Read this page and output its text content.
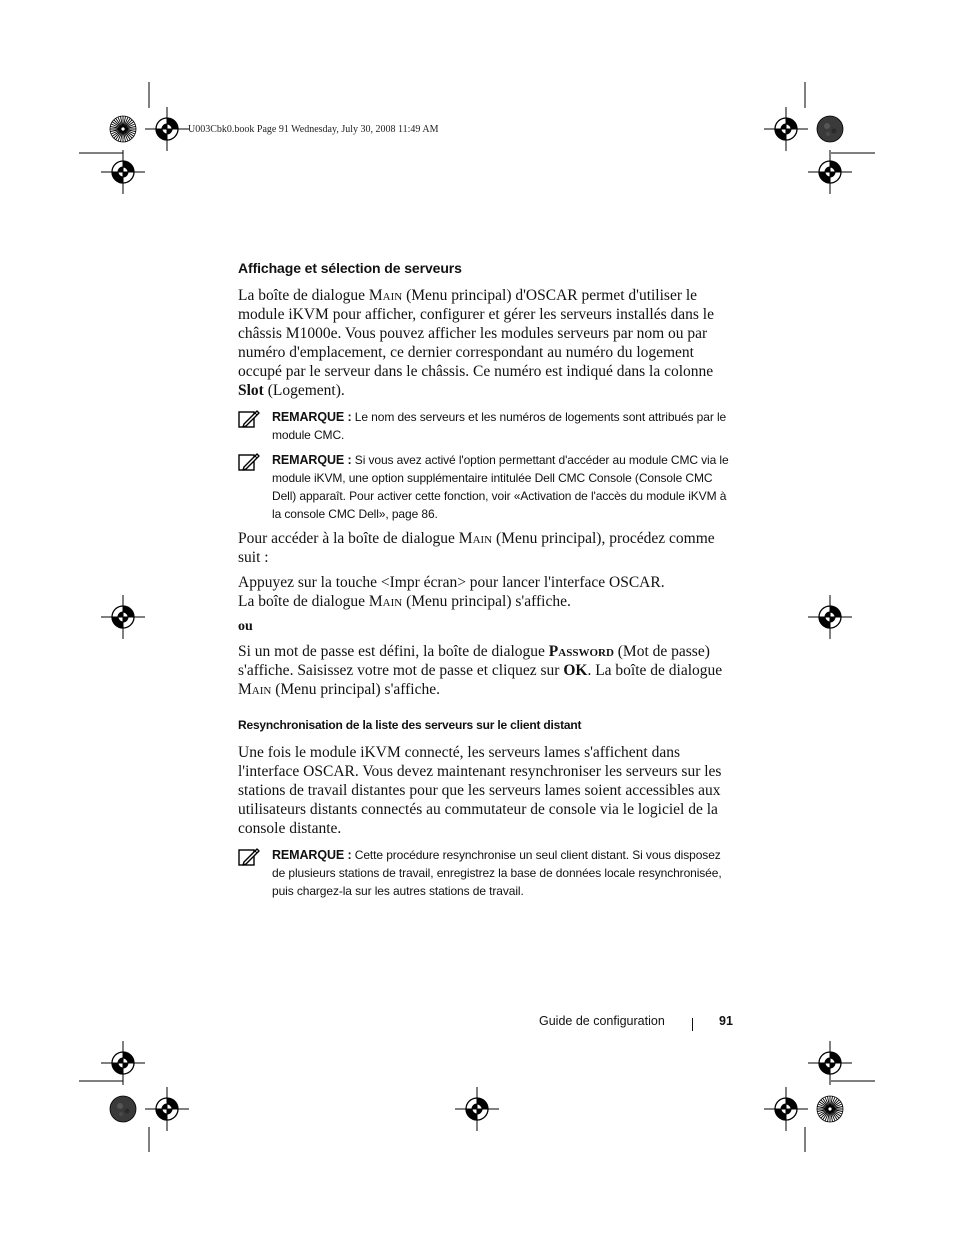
U003Cbk0.book Page 91 Wednesday, July 30, 2008 11:49 AM
Affichage et sélection de serveurs

La boîte de dialogue Main (Menu principal) d'OSCAR permet d'utiliser le module iKVM pour afficher, configurer et gérer les serveurs installés dans le châssis M1000e. Vous pouvez afficher les modules serveurs par nom ou par numéro d'emplacement, ce dernier correspondant au numéro du logement occupé par le serveur dans le châssis. Ce numéro est indiqué dans la colonne Slot (Logement).

REMARQUE : Le nom des serveurs et les numéros de logements sont attribués par le module CMC.
REMARQUE : Si vous avez activé l'option permettant d'accéder au module CMC via le module iKVM, une option supplémentaire intitulée Dell CMC Console (Console CMC Dell) apparaît. Pour activer cette fonction, voir «Activation de l'accès du module iKVM à la console CMC Dell», page 86.

Pour accéder à la boîte de dialogue Main (Menu principal), procédez comme suit :

Appuyez sur la touche <Impr écran> pour lancer l'interface OSCAR.
La boîte de dialogue Main (Menu principal) s'affiche.

ou

Si un mot de passe est défini, la boîte de dialogue Password (Mot de passe) s'affiche. Saisissez votre mot de passe et cliquez sur OK. La boîte de dialogue Main (Menu principal) s'affiche.

Resynchronisation de la liste des serveurs sur le client distant

Une fois le module iKVM connecté, les serveurs lames s'affichent dans l'interface OSCAR. Vous devez maintenant resynchroniser les serveurs sur les stations de travail distantes pour que les serveurs lames soient accessibles aux utilisateurs distants connectés au commutateur de console via le logiciel de la console distante.

REMARQUE : Cette procédure resynchronise un seul client distant. Si vous disposez de plusieurs stations de travail, enregistrez la base de données locale resynchronisée, puis chargez-la sur les autres stations de travail.
Guide de configuration	91
